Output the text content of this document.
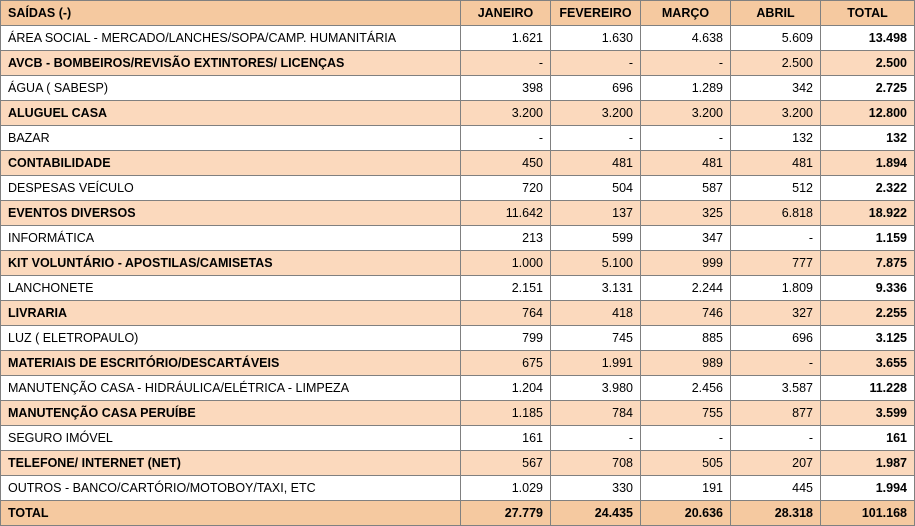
SAÍDAS (-)	JANEIRO	FEVEREIRO	MARÇO	ABRIL	TOTAL
ÁREA SOCIAL - MERCADO/LANCHES/SOPA/CAMP. HUMANITÁRIA	1.621	1.630	4.638	5.609	13.498
AVCB - BOMBEIROS/REVISÃO EXTINTORES/ LICENÇAS	-	-	-	2.500	2.500
ÁGUA ( SABESP)	398	696	1.289	342	2.725
ALUGUEL CASA	3.200	3.200	3.200	3.200	12.800
BAZAR	-	-	-	132	132
CONTABILIDADE	450	481	481	481	1.894
DESPESAS VEÍCULO	720	504	587	512	2.322
EVENTOS DIVERSOS	11.642	137	325	6.818	18.922
INFORMÁTICA	213	599	347	-	1.159
KIT VOLUNTÁRIO - APOSTILAS/CAMISETAS	1.000	5.100	999	777	7.875
LANCHONETE	2.151	3.131	2.244	1.809	9.336
LIVRARIA	764	418	746	327	2.255
LUZ ( ELETROPAULO)	799	745	885	696	3.125
MATERIAIS DE ESCRITÓRIO/DESCARTÁVEIS	675	1.991	989	-	3.655
MANUTENÇÃO CASA - HIDRÁULICA/ELÉTRICA - LIMPEZA	1.204	3.980	2.456	3.587	11.228
MANUTENÇÃO CASA PERUÍBE	1.185	784	755	877	3.599
SEGURO IMÓVEL	161	-	-	-	161
TELEFONE/ INTERNET (NET)	567	708	505	207	1.987
OUTROS - BANCO/CARTÓRIO/MOTOBOY/TAXI, ETC	1.029	330	191	445	1.994
TOTAL	27.779	24.435	20.636	28.318	101.168
